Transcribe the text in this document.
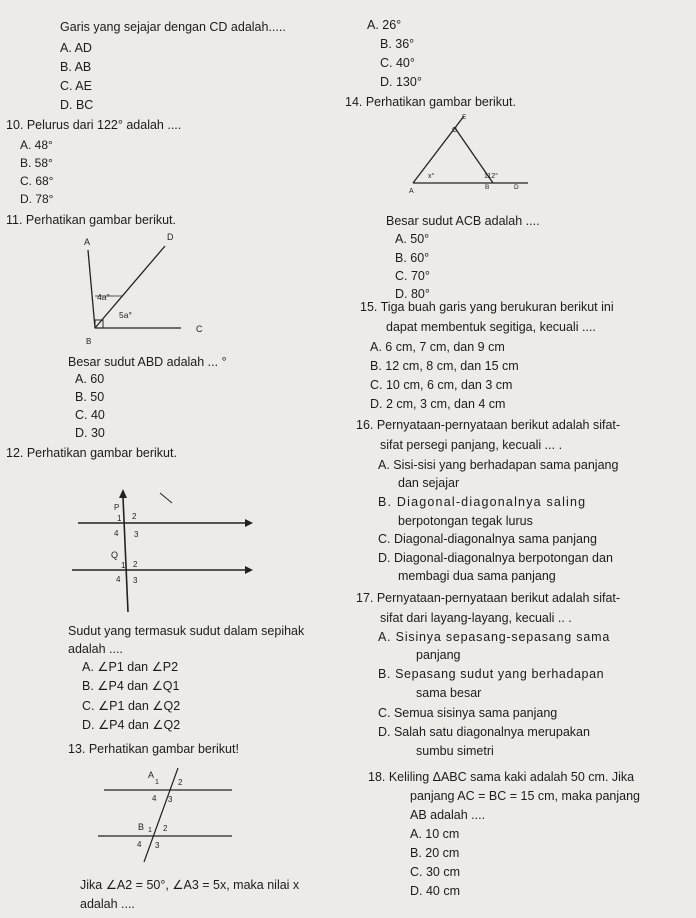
Garis yang sejajar dengan CD adalah.....
A. AD
B. AB
C. AE
D. BC
10. Pelurus dari 122° adalah ....
A. 48°
B. 58°
C. 68°
D. 78°
11. Perhatikan gambar berikut.
A	D
4a°
5a°
B
C
Besar sudut ABD adalah ... °
A. 60
B. 50
C. 40
D. 30
12. Perhatikan gambar berikut.
P
1 2
4 3
Q
1 2
4 3
Sudut yang termasuk sudut dalam sepihak
adalah ....
A. ∠P1 dan ∠P2
B. ∠P4 dan ∠Q1
C. ∠P1 dan ∠Q2
D. ∠P4 dan ∠Q2
13. Perhatikan gambar berikut!
A
1 2
4 3
B 1 2
4 3
Jika ∠A2 = 50°, ∠A3 = 5x, maka nilai x
adalah ....
A. 26°
B. 36°
C. 40°
D. 130°
14. Perhatikan gambar berikut.
E
C
112°
x°
A
B	D
Besar sudut ACB adalah ....
A. 50°
B. 60°
C. 70°
D. 80°
15. Tiga buah garis yang berukuran berikut ini
dapat membentuk segitiga, kecuali ....
A. 6 cm, 7 cm, dan 9 cm
B. 12 cm, 8 cm, dan 15 cm
C. 10 cm, 6 cm, dan 3 cm
D. 2 cm, 3 cm, dan 4 cm
16. Pernyataan-pernyataan berikut adalah sifat-
sifat persegi panjang, kecuali ... .
A. Sisi-sisi yang berhadapan sama panjang
dan sejajar
B. Diagonal-diagonalnya saling
berpotongan tegak lurus
C. Diagonal-diagonalnya sama panjang
D. Diagonal-diagonalnya berpotongan dan
membagi dua sama panjang
17. Pernyataan-pernyataan berikut adalah sifat-
sifat dari layang-layang, kecuali .. .
A. Sisinya sepasang-sepasang sama
panjang
B. Sepasang sudut yang berhadapan
sama besar
C. Semua sisinya sama panjang
D. Salah satu diagonalnya merupakan
sumbu simetri
18. Keliling ΔABC sama kaki adalah 50 cm. Jika
panjang AC = BC = 15 cm, maka panjang
AB adalah ....
A. 10 cm
B. 20 cm
C. 30 cm
D. 40 cm
